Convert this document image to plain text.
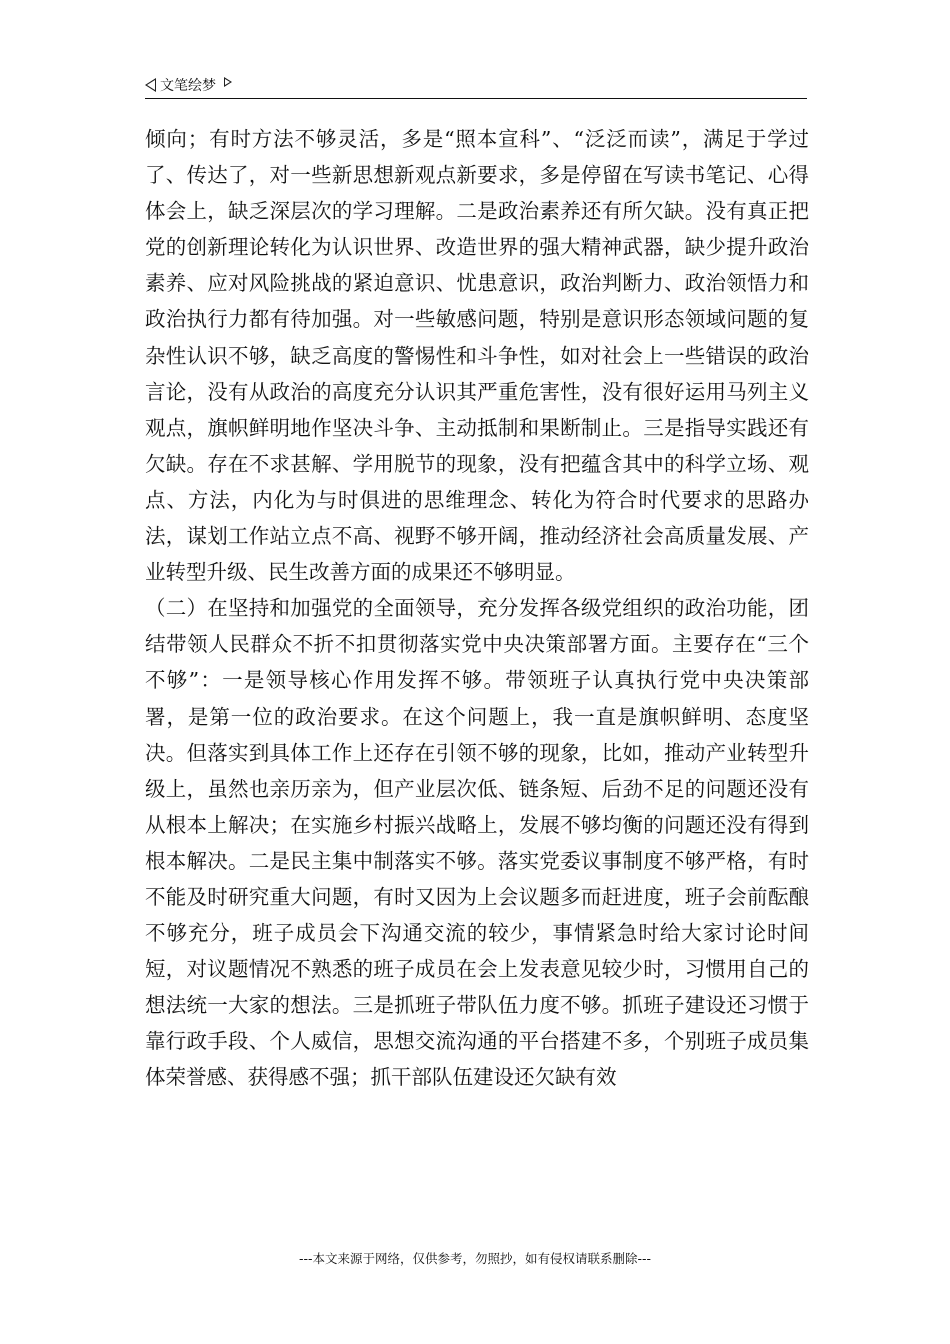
文笔绘梦

倾向；有时方法不够灵活，多是“照本宣科”、“泛泛而读”，满足于学过了、传达了，对一些新思想新观点新要求，多是停留在写读书笔记、心得体会上，缺乏深层次的学习理解。二是政治素养还有所欠缺。没有真正把党的创新理论转化为认识世界、改造世界的强大精神武器，缺少提升政治素养、应对风险挑战的紧迫意识、忧患意识，政治判断力、政治领悟力和政治执行力都有待加强。对一些敏感问题，特别是意识形态领域问题的复杂性认识不够，缺乏高度的警惕性和斗争性，如对社会上一些错误的政治言论，没有从政治的高度充分认识其严重危害性，没有很好运用马列主义观点，旗帜鲜明地作坚决斗争、主动抵制和果断制止。三是指导实践还有欠缺。存在不求甚解、学用脱节的现象，没有把蕴含其中的科学立场、观点、方法，内化为与时俱进的思维理念、转化为符合时代要求的思路办法，谋划工作站立点不高、视野不够开阔，推动经济社会高质量发展、产业转型升级、民生改善方面的成果还不够明显。

（二）在坚持和加强党的全面领导，充分发挥各级党组织的政治功能，团结带领人民群众不折不扣贯彻落实党中央决策部署方面。主要存在“三个不够”：一是领导核心作用发挥不够。带领班子认真执行党中央决策部署，是第一位的政治要求。在这个问题上，我一直是旗帜鲜明、态度坚决。但落实到具体工作上还存在引领不够的现象，比如，推动产业转型升级上，虽然也亲历亲为，但产业层次低、链条短、后劲不足的问题还没有从根本上解决；在实施乡村振兴战略上，发展不够均衡的问题还没有得到根本解决。二是民主集中制落实不够。落实党委议事制度不够严格，有时不能及时研究重大问题，有时又因为上会议题多而赶进度，班子会前酝酿不够充分，班子成员会下沟通交流的较少，事情紧急时给大家讨论时间短，对议题情况不熟悉的班子成员在会上发表意见较少时，习惯用自己的想法统一大家的想法。三是抓班子带队伍力度不够。抓班子建设还习惯于靠行政手段、个人威信，思想交流沟通的平台搭建不多，个别班子成员集体荣誉感、获得感不强；抓干部队伍建设还欠缺有效

---本文来源于网络，仅供参考，勿照抄，如有侵权请联系删除---
